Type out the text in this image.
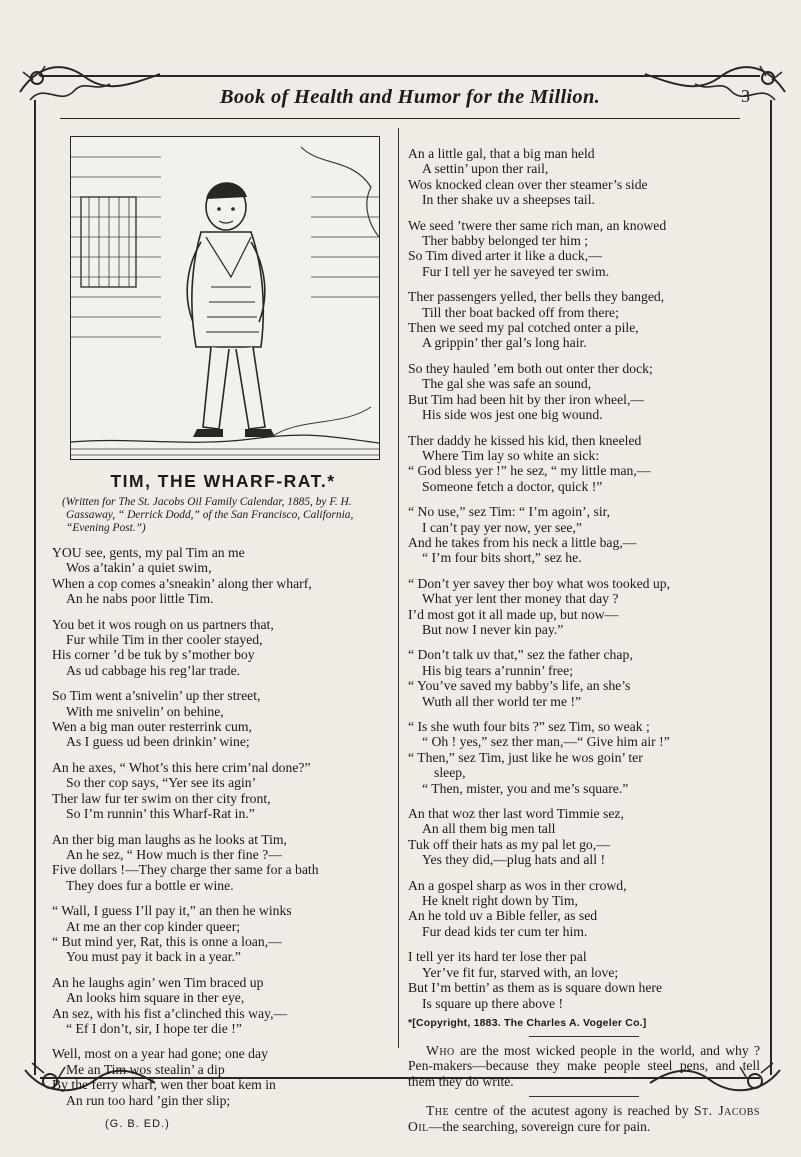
Book of Health and Humor for the Million.	3
TIM, THE WHARF-RAT.*
(Written for The St. Jacobs Oil Family Calendar, 1885, by F. H. Gassaway, “ Derrick Dodd,” of the San Francisco, California, “Evening Post.”)
YOU see, gents, my pal Tim an me
Wos a’takin’ a quiet swim,
When a cop comes a’sneakin’ along ther wharf,
An he nabs poor little Tim.
You bet it wos rough on us partners that,
Fur while Tim in ther cooler stayed,
His corner ’d be tuk by s’mother boy
As ud cabbage his reg’lar trade.
So Tim went a’snivelin’ up ther street,
With me snivelin’ on behine,
Wen a big man outer resterrink cum,
As I guess ud been drinkin’ wine;
An he axes, “ Whot’s this here crim’nal done?”
So ther cop says, “Yer see its agin’
Ther law fur ter swim on ther city front,
So I’m runnin’ this Wharf-Rat in.”
An ther big man laughs as he looks at Tim,
An he sez, “ How much is ther fine ?—
Five dollars !—They charge ther same for a bath
They does fur a bottle er wine.
“ Wall, I guess I’ll pay it,” an then he winks
At me an ther cop kinder queer;
“ But mind yer, Rat, this is onne a loan,—
You must pay it back in a year.”
An he laughs agin’ wen Tim braced up
An looks him square in ther eye,
An sez, with his fist a’clinched this way,—
“ Ef I don’t, sir, I hope ter die !”
Well, most on a year had gone; one day
Me an Tim wos stealin’ a dip
By the ferry wharf, wen ther boat kem in
An run too hard ’gin ther slip;
An a little gal, that a big man held
A settin’ upon ther rail,
Wos knocked clean over ther steamer’s side
In ther shake uv a sheepses tail.
We seed ’twere ther same rich man, an knowed
Ther babby belonged ter him ;
So Tim dived arter it like a duck,—
Fur I tell yer he saveyed ter swim.
Ther passengers yelled, ther bells they banged,
Till ther boat backed off from there;
Then we seed my pal cotched onter a pile,
A grippin’ ther gal’s long hair.
So they hauled ’em both out onter ther dock;
The gal she was safe an sound,
But Tim had been hit by ther iron wheel,—
His side wos jest one big wound.
Ther daddy he kissed his kid, then kneeled
Where Tim lay so white an sick:
“ God bless yer !” he sez, “ my little man,—
Someone fetch a doctor, quick !”
“ No use,” sez Tim: “ I’m agoin’, sir,
I can’t pay yer now, yer see,”
And he takes from his neck a little bag,—
“ I’m four bits short,” sez he.
“ Don’t yer savey ther boy what wos tooked up,
What yer lent ther money that day ?
I’d most got it all made up, but now—
But now I never kin pay.”
“ Don’t talk uv that,” sez the father chap,
His big tears a’runnin’ free;
“ You’ve saved my babby’s life, an she’s
Wuth all ther world ter me !”
“ Is she wuth four bits ?” sez Tim, so weak ;
“ Oh ! yes,” sez ther man,—“ Give him air !”
“ Then,” sez Tim, just like he wos goin’ ter
sleep,
“ Then, mister, you and me’s square.”
An that woz ther last word Timmie sez,
An all them big men tall
Tuk off their hats as my pal let go,—
Yes they did,—plug hats and all !
An a gospel sharp as wos in ther crowd,
He knelt right down by Tim,
An he told uv a Bible feller, as sed
Fur dead kids ter cum ter him.
I tell yer its hard ter lose ther pal
Yer’ve fit fur, starved with, an love;
But I’m bettin’ as them as is square down here
Is square up there above !
*[Copyright, 1883. The Charles A. Vogeler Co.]

Who are the most wicked people in the world, and why ? Pen-makers—because they make people steel pens, and tell them they do write.

The centre of the acutest agony is reached by St. Jacobs Oil—the searching, sovereign cure for pain.

(G. B. ED.)
